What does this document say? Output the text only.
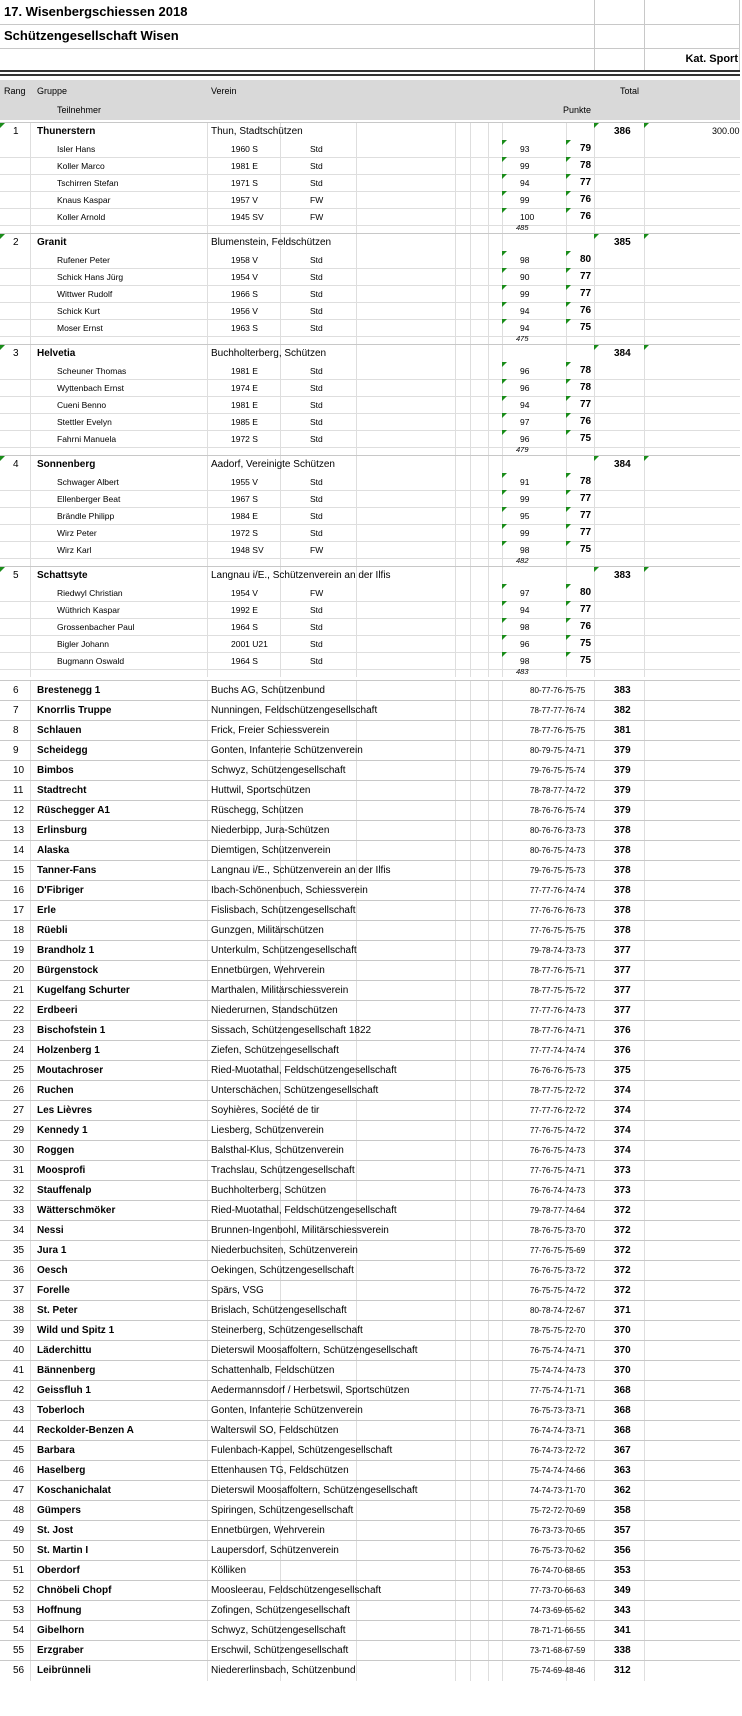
17. Wisenbergschiessen 2018
Schützengesellschaft Wisen
Kat. Sport
Rang Gruppe
Teilnehmer
Verein
Punkte
Total
1 Thunerstern	Thun, Stadtschützen	386	300.00
Isler Hans	1960 S	Std	93	79
Koller Marco	1981 E	Std	99	78
Tschirren Stefan	1971 S	Std	94	77
Knaus Kaspar	1957 V	FW	99	76
Koller Arnold	1945 SV	FW	100	76
485
2 Granit	Blumenstein, Feldschützen	385
Rufener Peter	1958 V	Std	98	80
Schick Hans Jürg	1954 V	Std	90	77
Wittwer Rudolf	1966 S	Std	99	77
Schick Kurt	1956 V	Std	94	76
Moser Ernst	1963 S	Std	94	75
475
3 Helvetia	Buchholterberg, Schützen	384
Scheuner Thomas	1981 E	Std	96	78
Wyttenbach Ernst	1974 E	Std	96	78
Cueni Benno	1981 E	Std	94	77
Stettler Evelyn	1985 E	Std	97	76
Fahrni Manuela	1972 S	Std	96	75
479
4 Sonnenberg	Aadorf, Vereinigte Schützen	384
Schwager Albert	1955 V	Std	91	78
Ellenberger Beat	1967 S	Std	99	77
Brändle Philipp	1984 E	Std	95	77
Wirz Peter	1972 S	Std	99	77
Wirz Karl	1948 SV	FW	98	75
482
5 Schattsyte	Langnau i/E., Schützenverein an der Ilfis	383
Riedwyl Christian	1954 V	FW	97	80
Wüthrich Kaspar	1992 E	Std	94	77
Grossenbacher Paul	1964 S	Std	98	76
Bigler Johann	2001 U21	Std	96	75
Bugmann Oswald	1964 S	Std	98	75
483
6 Brestenegg 1	Buchs AG, Schützenbund	80-77-76-75-75	383
7 Knorrlis Truppe	Nunningen, Feldschützengesellschaft	78-77-77-76-74	382
8 Schlauen	Frick, Freier Schiessverein	78-77-76-75-75	381
9 Scheidegg	Gonten, Infanterie Schützenverein	80-79-75-74-71	379
10 Bimbos	Schwyz, Schützengesellschaft	79-76-75-75-74	379
11 Stadtrecht	Huttwil, Sportschützen	78-78-77-74-72	379
12 Rüschegger A1	Rüschegg, Schützen	78-76-76-75-74	379
13 Erlinsburg	Niederbipp, Jura-Schützen	80-76-76-73-73	378
14 Alaska	Diemtigen, Schützenverein	80-76-75-74-73	378
15 Tanner-Fans	Langnau i/E., Schützenverein an der Ilfis	79-76-75-75-73	378
16 D'Fibriger	Ibach-Schönenbuch, Schiessverein	77-77-76-74-74	378
17 Erle	Fislisbach, Schützengesellschaft	77-76-76-76-73	378
18 Rüebli	Gunzgen, Militärschützen	77-76-75-75-75	378
19 Brandholz 1	Unterkulm, Schützengesellschaft	79-78-74-73-73	377
20 Bürgenstock	Ennetbürgen, Wehrverein	78-77-76-75-71	377
21 Kugelfang Schurter	Marthalen, Militärschiessverein	78-77-75-75-72	377
22 Erdbeeri	Niederurnen, Standschützen	77-77-76-74-73	377
23 Bischofstein 1	Sissach, Schützengesellschaft 1822	78-77-76-74-71	376
24 Holzenberg 1	Ziefen, Schützengesellschaft	77-77-74-74-74	376
25 Moutachroser	Ried-Muotathal, Feldschützengesellschaft	76-76-76-75-73	375
26 Ruchen	Unterschächen, Schützengesellschaft	78-77-75-72-72	374
27 Les Lièvres	Soyhières, Société de tir	77-77-76-72-72	374
29 Kennedy 1	Liesberg, Schützenverein	77-76-75-74-72	374
30 Roggen	Balsthal-Klus, Schützenverein	76-76-75-74-73	374
31 Moosprofi	Trachslau, Schützengesellschaft	77-76-75-74-71	373
32 Stauffenalp	Buchholterberg, Schützen	76-76-74-74-73	373
33 Wätterschmöker	Ried-Muotathal, Feldschützengesellschaft	79-78-77-74-64	372
34 Nessi	Brunnen-Ingenbohl, Militärschiessverein	78-76-75-73-70	372
35 Jura 1	Niederbuchsiten, Schützenverein	77-76-75-75-69	372
36 Oesch	Oekingen, Schützengesellschaft	76-76-75-73-72	372
37 Forelle	Spärs, VSG	76-75-75-74-72	372
38 St. Peter	Brislach, Schützengesellschaft	80-78-74-72-67	371
39 Wild und Spitz 1	Steinerberg, Schützengesellschaft	78-75-75-72-70	370
40 Läderchittu	Dieterswil Moosaffoltern, Schützengesellschaft	76-75-74-74-71	370
41 Bännenberg	Schattenhalb, Feldschützen	75-74-74-74-73	370
42 Geissfluh 1	Aedermannsdorf / Herbetswil, Sportschützen	77-75-74-71-71	368
43 Toberloch	Gonten, Infanterie Schützenverein	76-75-73-73-71	368
44 Reckolder-Benzen A	Walterswil SO, Feldschützen	76-74-74-73-71	368
45 Barbara	Fulenbach-Kappel, Schützengesellschaft	76-74-73-72-72	367
46 Haselberg	Ettenhausen TG, Feldschützen	75-74-74-74-66	363
47 Koschanichalat	Dieterswil Moosaffoltern, Schützengesellschaft	74-74-73-71-70	362
48 Gümpers	Spiringen, Schützengesellschaft	75-72-72-70-69	358
49 St. Jost	Ennetbürgen, Wehrverein	76-73-73-70-65	357
50 St. Martin I	Laupersdorf, Schützenverein	76-75-73-70-62	356
51 Oberdorf	Kölliken	76-74-70-68-65	353
52 Chnöbeli Chopf	Moosleerau, Feldschützengesellschaft	77-73-70-66-63	349
53 Hoffnung	Zofingen, Schützengesellschaft	74-73-69-65-62	343
54 Gibelhorn	Schwyz, Schützengesellschaft	78-71-71-66-55	341
55 Erzgraber	Erschwil, Schützengesellschaft	73-71-68-67-59	338
56 Leibrünneli	Niedererlinsbach, Schützenbund	75-74-69-48-46	312
